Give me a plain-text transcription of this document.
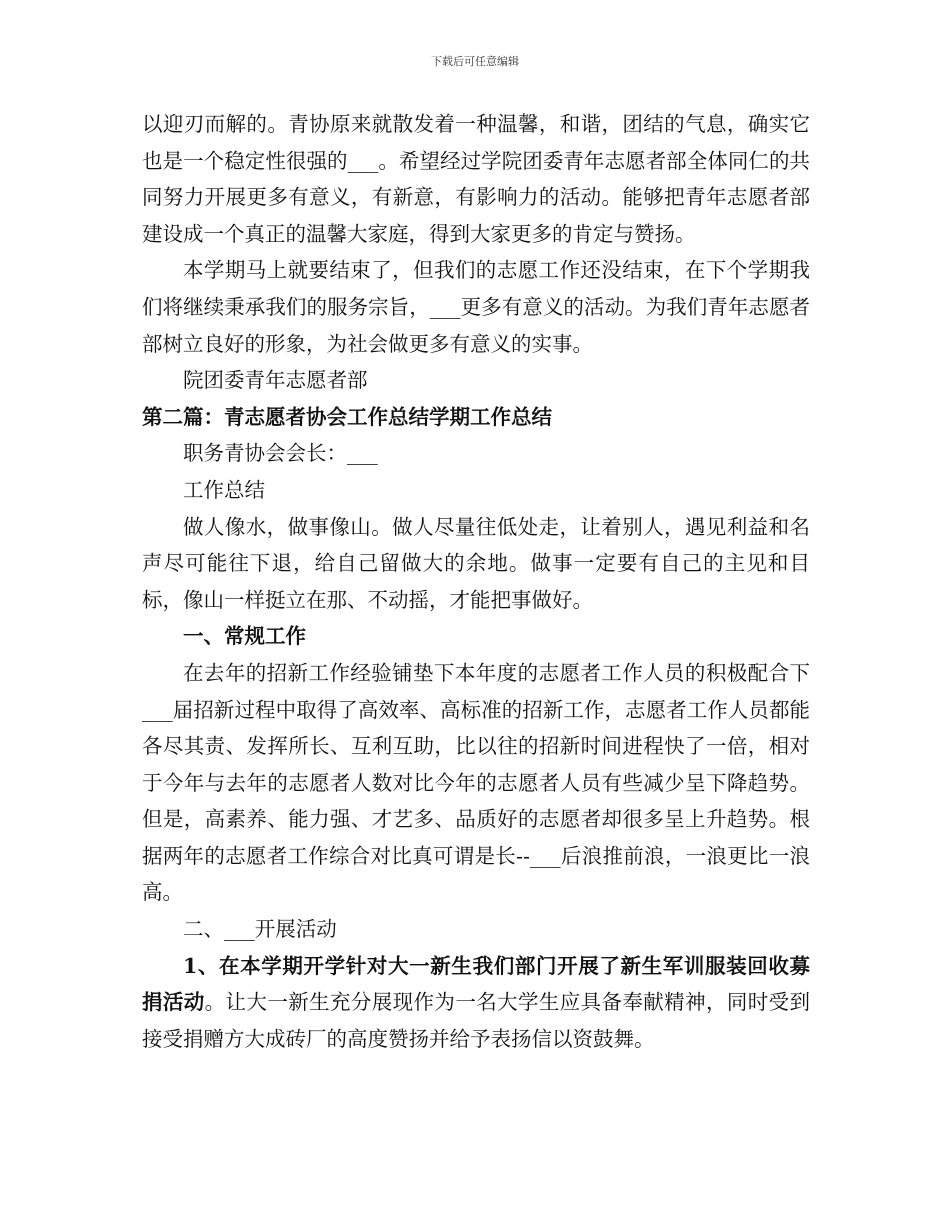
下载后可任意编辑

以迎刃而解的。青协原来就散发着一种温馨，和谐，团结的气息，确实它也是一个稳定性很强的___。希望经过学院团委青年志愿者部全体同仁的共同努力开展更多有意义，有新意，有影响力的活动。能够把青年志愿者部建设成一个真正的温馨大家庭，得到大家更多的肯定与赞扬。

本学期马上就要结束了，但我们的志愿工作还没结束，在下个学期我们将继续秉承我们的服务宗旨，___更多有意义的活动。为我们青年志愿者部树立良好的形象，为社会做更多有意义的实事。

院团委青年志愿者部

第二篇：青志愿者协会工作总结学期工作总结

职务青协会会长：___

工作总结

做人像水，做事像山。做人尽量往低处走，让着别人，遇见利益和名声尽可能往下退，给自己留做大的余地。做事一定要有自己的主见和目标，像山一样挺立在那、不动摇，才能把事做好。

一、常规工作

在去年的招新工作经验铺垫下本年度的志愿者工作人员的积极配合下___届招新过程中取得了高效率、高标准的招新工作，志愿者工作人员都能各尽其责、发挥所长、互利互助，比以往的招新时间进程快了一倍，相对于今年与去年的志愿者人数对比今年的志愿者人员有些减少呈下降趋势。但是，高素养、能力强、才艺多、品质好的志愿者却很多呈上升趋势。根据两年的志愿者工作综合对比真可谓是长--___后浪推前浪，一浪更比一浪高。

二、___开展活动

1、在本学期开学针对大一新生我们部门开展了新生军训服装回收募捐活动。让大一新生充分展现作为一名大学生应具备奉献精神，同时受到接受捐赠方大成砖厂的高度赞扬并给予表扬信以资鼓舞。
